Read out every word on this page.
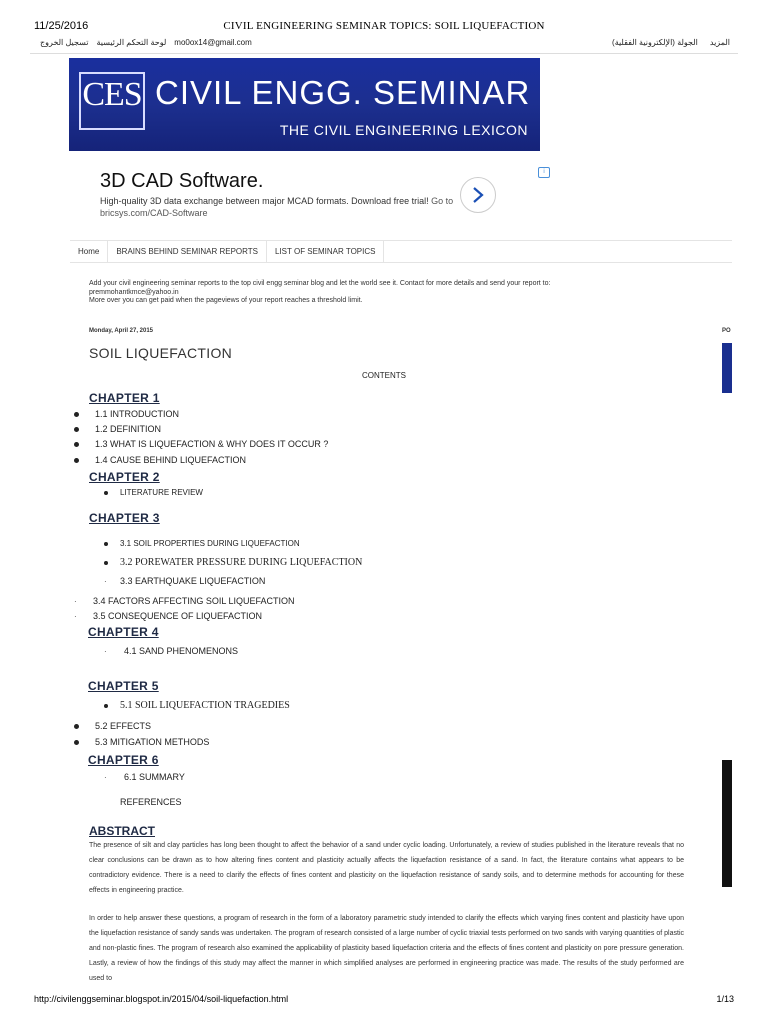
11/25/2016	CIVIL ENGINEERING SEMINAR TOPICS: SOIL LIQUEFACTION
تسجيل الخروج لوحة التحكم الرئيسية mo0ox14@gmail.com	المزيد
الجولة (الإلكترونية الفقلية)
CES CIVIL ENGG. SEMINAR
THE CIVIL ENGINEERING LEXICON
3D CAD Software.
High-quality 3D data exchange between major MCAD formats. Download free trial! Go to bricsys.com/CAD-Software
i
Home	BRAINS BEHIND SEMINAR REPORTS	LIST OF SEMINAR TOPICS
Add your civil engineering seminar reports to the top civil engg seminar blog and let the world see it. Contact for more details and send your report to:
premmohantkmce@yahoo.in
More over you can get paid when the pageviews of your report reaches a threshold limit.
PO
Monday, April 27, 2015
SOIL LIQUEFACTION
CONTENTS
CHAPTER 1
1.1 INTRODUCTION
1.2 DEFINITION
1.3 WHAT IS LIQUEFACTION & WHY DOES IT OCCUR ?
1.4 CAUSE BEHIND LIQUEFACTION
CHAPTER 2
LITERATURE REVIEW
CHAPTER 3
3.1 SOIL PROPERTIES DURING LIQUEFACTION
3.2 POREWATER PRESSURE DURING LIQUEFACTION
· 3.3 EARTHQUAKE LIQUEFACTION
· 3.4 FACTORS AFFECTING SOIL LIQUEFACTION
· 3.5 CONSEQUENCE OF LIQUEFACTION
CHAPTER 4
· 4.1 SAND PHENOMENONS
CHAPTER 5
5.1 SOIL LIQUEFACTION TRAGEDIES
5.2 EFFECTS
5.3 MITIGATION METHODS
CHAPTER 6
· 6.1 SUMMARY
REFERENCES
ABSTRACT
The presence of silt and clay particles has long been thought to affect the behavior of a sand under cyclic loading. Unfortunately, a review of studies published in the literature reveals that no clear conclusions can be drawn as to how altering fines content and plasticity actually affects the liquefaction resistance of a sand. In fact, the literature contains what appears to be contradictory evidence. There is a need to clarify the effects of fines content and plasticity on the liquefaction resistance of sandy soils, and to determine methods for accounting for these effects in engineering practice.
In order to help answer these questions, a program of research in the form of a laboratory parametric study intended to clarify the effects which varying fines content and plasticity have upon the liquefaction resistance of sandy sands was undertaken. The program of research consisted of a large number of cyclic triaxial tests performed on two sands with varying quantities of plastic and non-plastic fines. The program of research also examined the applicability of plasticity based liquefaction criteria and the effects of fines content and plasticity on pore pressure generation. Lastly, a review of how the findings of this study may affect the manner in which simplified analyses are performed in engineering practice was made. The results of the study performed are used to
http://civilenggseminar.blogspot.in/2015/04/soil-liquefaction.html	1/13
